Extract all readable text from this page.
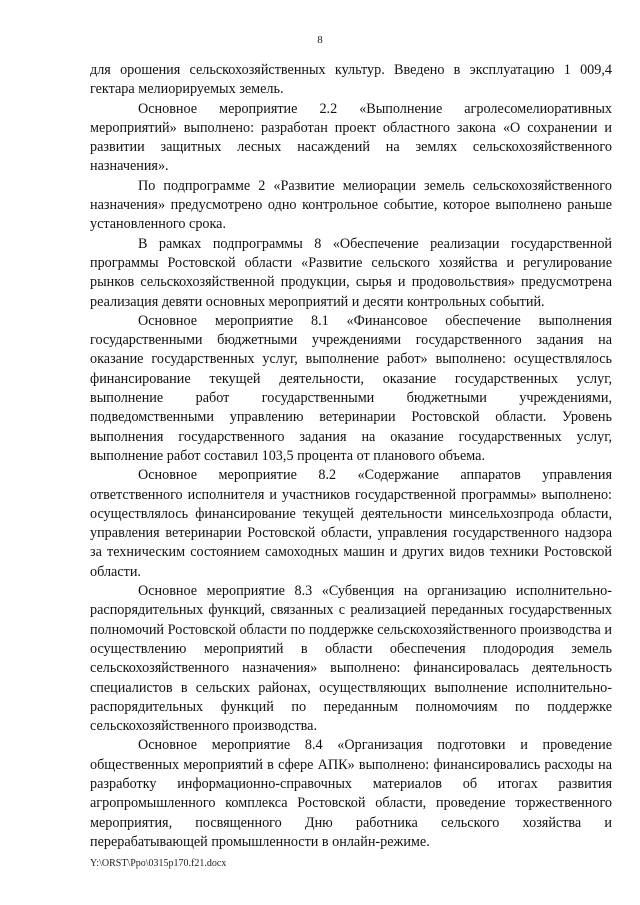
8

для орошения сельскохозяйственных культур. Введено в эксплуатацию 1 009,4 гектара мелиорируемых земель.

Основное мероприятие 2.2 «Выполнение агролесомелиоративных мероприятий» выполнено: разработан проект областного закона «О сохранении и развитии защитных лесных насаждений на землях сельскохозяйственного назначения».

По подпрограмме 2 «Развитие мелиорации земель сельскохозяйственного назначения» предусмотрено одно контрольное событие, которое выполнено раньше установленного срока.

В рамках подпрограммы 8 «Обеспечение реализации государственной программы Ростовской области «Развитие сельского хозяйства и регулирование рынков сельскохозяйственной продукции, сырья и продовольствия» предусмотрена реализация девяти основных мероприятий и десяти контрольных событий.

Основное мероприятие 8.1 «Финансовое обеспечение выполнения государственными бюджетными учреждениями государственного задания на оказание государственных услуг, выполнение работ» выполнено: осуществлялось финансирование текущей деятельности, оказание государственных услуг, выполнение работ государственными бюджетными учреждениями, подведомственными управлению ветеринарии Ростовской области. Уровень выполнения государственного задания на оказание государственных услуг, выполнение работ составил 103,5 процента от планового объема.

Основное мероприятие 8.2 «Содержание аппаратов управления ответственного исполнителя и участников государственной программы» выполнено: осуществлялось финансирование текущей деятельности минсельхозпрода области, управления ветеринарии Ростовской области, управления государственного надзора за техническим состоянием самоходных машин и других видов техники Ростовской области.

Основное мероприятие 8.3 «Субвенция на организацию исполнительно-распорядительных функций, связанных с реализацией переданных государственных полномочий Ростовской области по поддержке сельскохозяйственного производства и осуществлению мероприятий в области обеспечения плодородия земель сельскохозяйственного назначения» выполнено: финансировалась деятельность специалистов в сельских районах, осуществляющих выполнение исполнительно-распорядительных функций по переданным полномочиям по поддержке сельскохозяйственного производства.

Основное мероприятие 8.4 «Организация подготовки и проведение общественных мероприятий в сфере АПК» выполнено: финансировались расходы на разработку информационно-справочных материалов об итогах развития агропромышленного комплекса Ростовской области, проведение торжественного мероприятия, посвященного Дню работника сельского хозяйства и перерабатывающей промышленности в онлайн-режиме.

Y:\ORST\Ppo\0315p170.f21.docx
